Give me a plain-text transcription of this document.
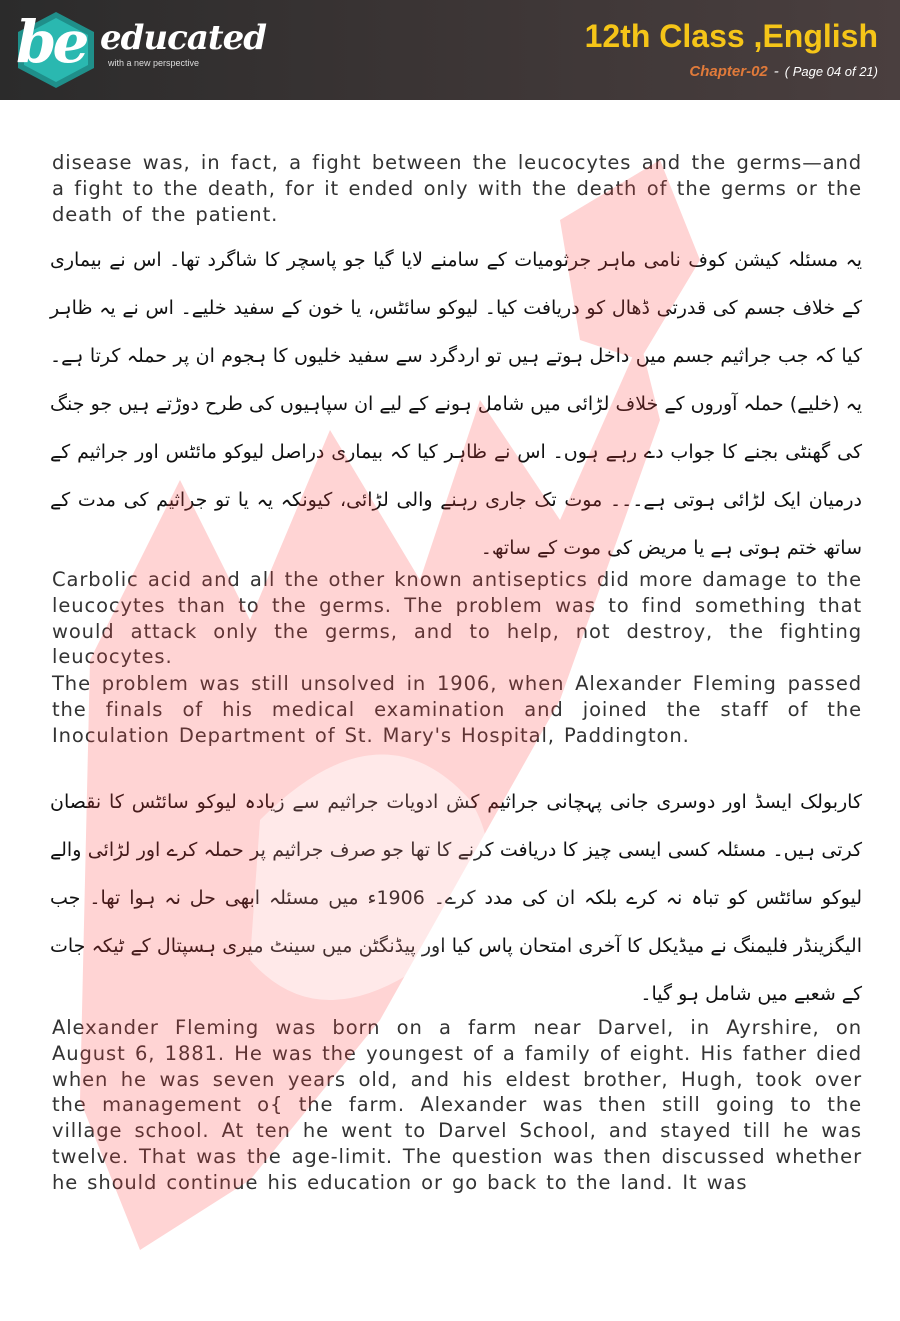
be educated
with a new perspective
12th Class ,English
Chapter-02 - ( Page 04 of 21)

disease was, in fact, a fight between the leucocytes and the germs—and a fight to the death, for it ended only with the death of the germs or the death of the patient.

یہ مسئلہ کیشن کوف نامی ماہر جرثومیات کے سامنے لایا گیا جو پاسچر کا شاگرد تھا۔ اس نے بیماری کے خلاف جسم کی قدرتی ڈھال کو دریافت کیا۔ لیوکو سائٹس، یا خون کے سفید خلیے۔ اس نے یہ ظاہر کیا کہ جب جراثیم جسم میں داخل ہوتے ہیں تو اردگرد سے سفید خلیوں کا ہجوم ان پر حملہ کرتا ہے۔ یہ (خلیے) حملہ آوروں کے خلاف لڑائی میں شامل ہونے کے لیے ان سپاہیوں کی طرح دوڑتے ہیں جو جنگ کی گھنٹی بجنے کا جواب دے رہے ہوں۔ اس نے ظاہر کیا کہ بیماری دراصل لیوکو مائٹس اور جراثیم کے درمیان ایک لڑائی ہوتی ہے۔۔۔ موت تک جاری رہنے والی لڑائی، کیونکہ یہ یا تو جراثیم کی مدت کے ساتھ ختم ہوتی ہے یا مریض کی موت کے ساتھ۔

Carbolic acid and all the other known antiseptics did more damage to the leucocytes than to the germs. The problem was to find something that would attack only the germs, and to help, not destroy, the fighting leucocytes.

The problem was still unsolved in 1906, when Alexander Fleming passed the finals of his medical examination and joined the staff of the Inoculation Department of St. Mary's Hospital, Paddington.

کاربولک ایسڈ اور دوسری جانی پہچانی جراثیم کش ادویات جراثیم سے زیادہ لیوکو سائٹس کا نقصان کرتی ہیں۔ مسئلہ کسی ایسی چیز کا دریافت کرنے کا تھا جو صرف جراثیم پر حملہ کرے اور لڑائی والے لیوکو سائٹس کو تباہ نہ کرے بلکہ ان کی مدد کرے۔ 1906ء میں مسئلہ ابھی حل نہ ہوا تھا۔ جب الیگزینڈر فلیمنگ نے میڈیکل کا آخری امتحان پاس کیا اور پیڈنگٹن میں سینٹ میری ہسپتال کے ٹیکہ جات کے شعبے میں شامل ہو گیا۔

Alexander Fleming was born on a farm near Darvel, in Ayrshire, on August 6, 1881. He was the youngest of a family of eight. His father died when he was seven years old, and his eldest brother, Hugh, took over the management o{ the farm. Alexander was then still going to the village school. At ten he went to Darvel School, and stayed till he was twelve. That was the age-limit. The question was then discussed whether he should continue his education or go back to the land. It was
